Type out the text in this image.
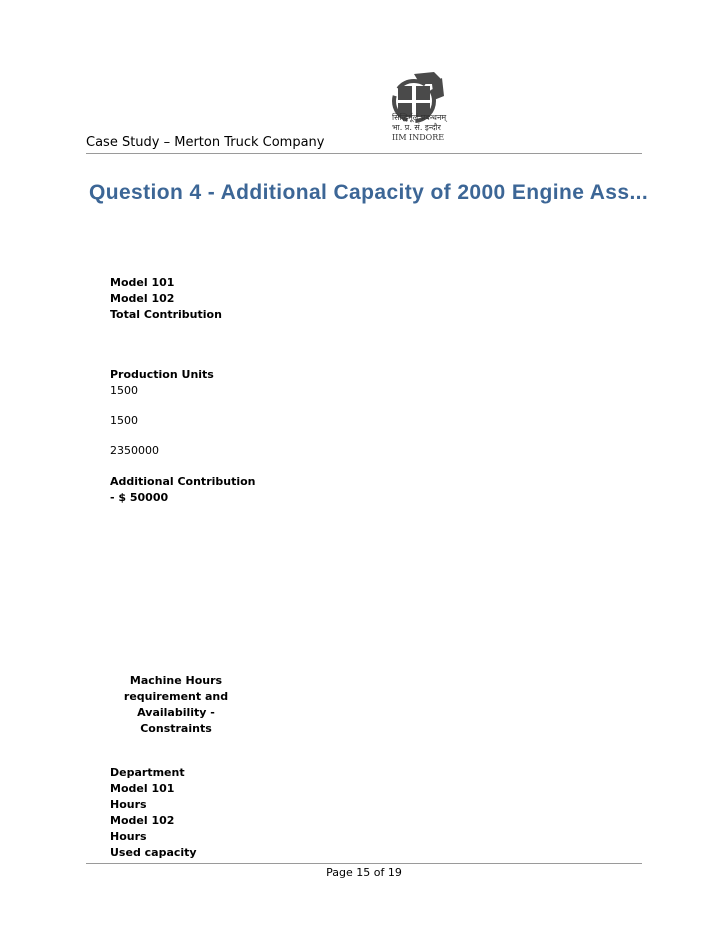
सिद्धिर्मूलं प्रबन्धनम्
भा. प्र. सं. इन्दौर
IIM INDORE
Case Study – Merton Truck Company
Question 4 - Additional Capacity of 2000 Engine Ass...
Model 101
Model 102
Total Contribution
Production Units
1500
1500
2350000
Additional Contribution
- $ 50000
Machine Hours
requirement and
Availability -
Constraints
Department
Model 101
Hours
Model 102
Hours
Used capacity
Page 15 of 19
